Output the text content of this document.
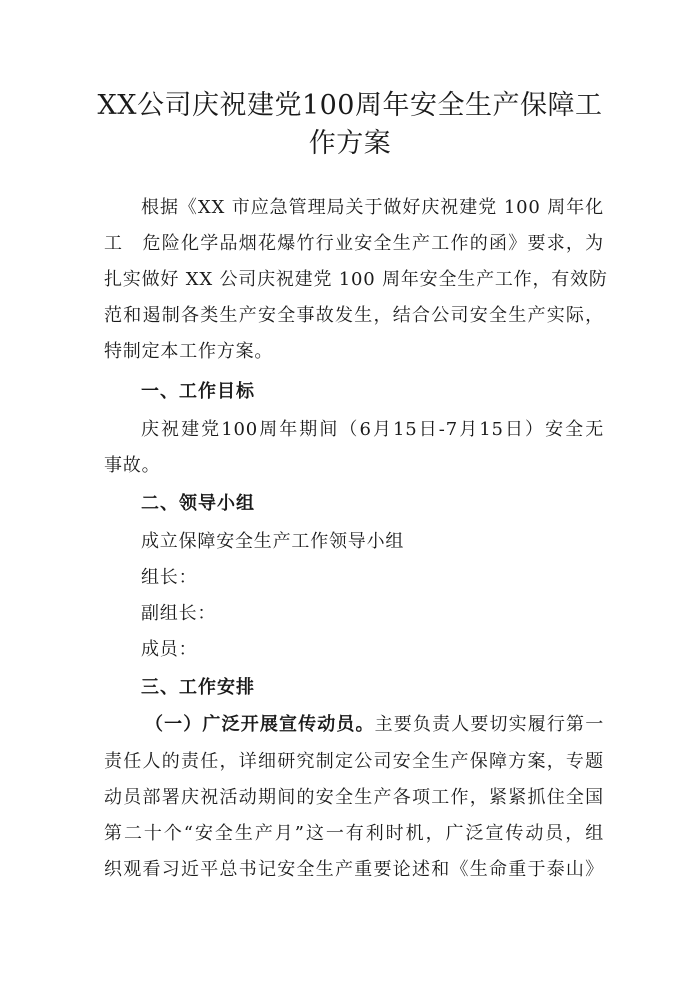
XX公司庆祝建党100周年安全生产保障工
作方案

根据《XX 市应急管理局关于做好庆祝建党 100 周年化

工　危险化学品烟花爆竹行业安全生产工作的函》要求，为

扎实做好 XX 公司庆祝建党 100 周年安全生产工作，有效防

范和遏制各类生产安全事故发生，结合公司安全生产实际，

特制定本工作方案。

一、工作目标

庆祝建党100周年期间（6月15日-7月15日）安全无

事故。

二、领导小组

成立保障安全生产工作领导小组

组长：

副组长：

成员：

三、工作安排

（一）广泛开展宣传动员。主要负责人要切实履行第一

责任人的责任，详细研究制定公司安全生产保障方案，专题

动员部署庆祝活动期间的安全生产各项工作，紧紧抓住全国

第二十个“安全生产月”这一有利时机，广泛宣传动员，组

织观看习近平总书记安全生产重要论述和《生命重于泰山》
